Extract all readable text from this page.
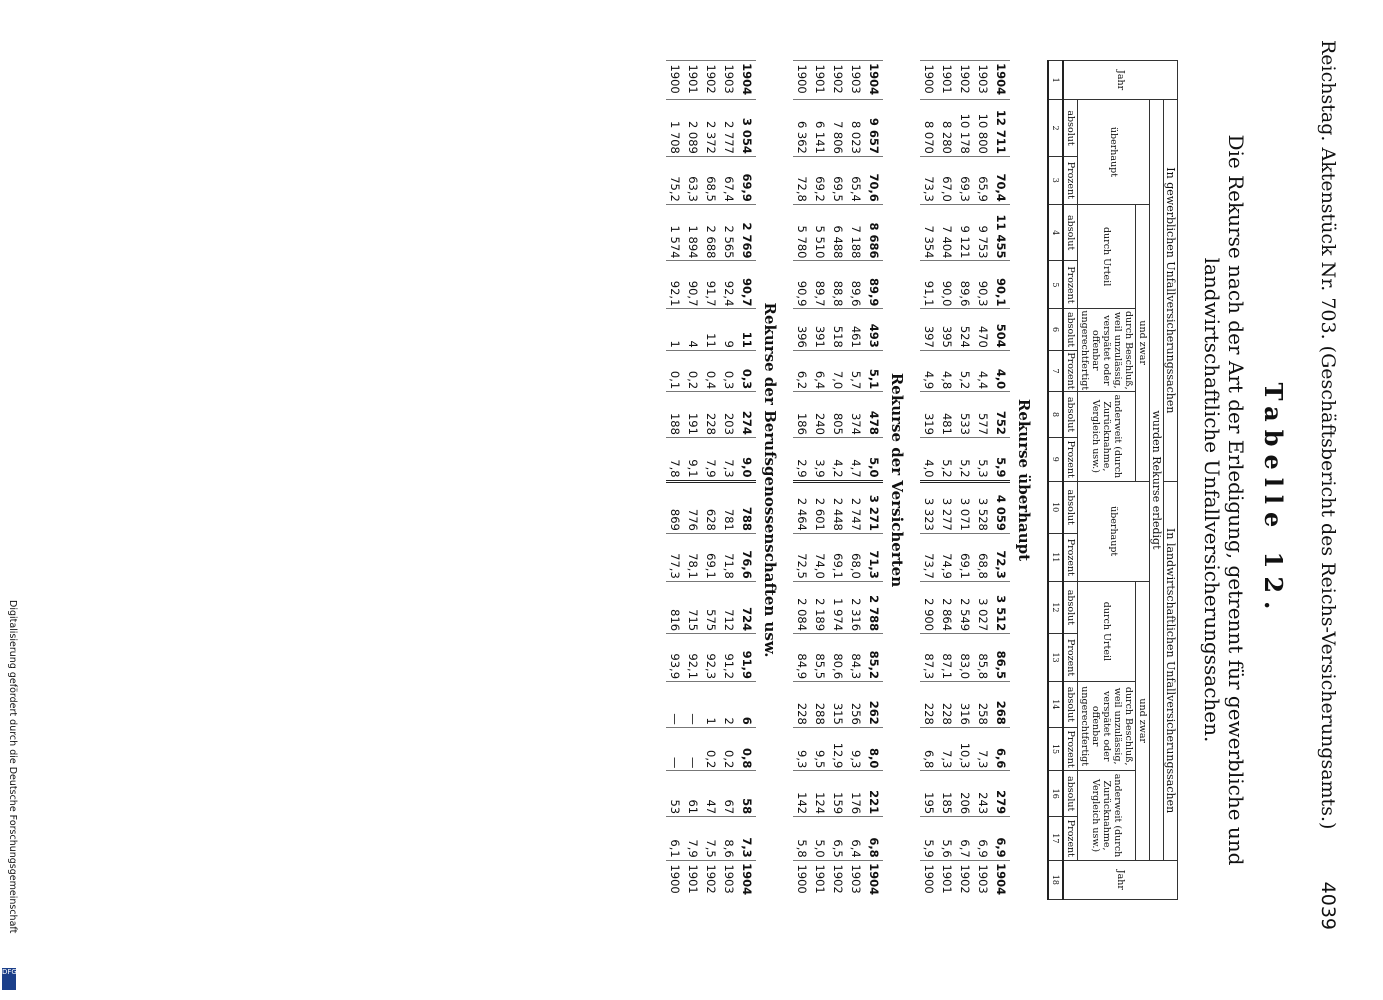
Reichstag. Aktenstück Nr. 703. (Geschäftsbericht des Reichs-Versicherungsamts.)
4039
Tabelle 12.
Die Rekurse nach der Art der Erledigung, getrennt für gewerbliche und landwirtschaftliche Unfallversicherungssachen.
Jahr	In gewerblichen Unfallversicherungssachen								In landwirtschaftlichen Unfallversicherungssachen								Jahr
	wurden Rekurse erledigt																
	überhaupt		und zwar						überhaupt		und zwar						
			durch Urteil		durch Beschluß, weil unzulässig, verspätet oder offenbar ungerechtfertigt		anderweit (durch Zurücknahme, Vergleich usw.)				durch Urteil		durch Beschluß, weil unzulässig, verspätet oder offenbar ungerechtfertigt		anderweit (durch Zurücknahme, Vergleich usw.)		
	absolut	Prozent	absolut	Prozent	absolut	Prozent	absolut	Prozent	absolut	Prozent	absolut	Prozent	absolut	Prozent	absolut	Prozent	
1	2	3	4	5	6	7	8	9	10	11	12	13	14	15	16	17	18
Rekurse überhaupt																	
1904	12 711	70,4	11 455	90,1	504	4,0	752	5,9	4 059	72,3	3 512	86,5	268	6,6	279	6,9	1904
1903	10 800	65,9	9 753	90,3	470	4,4	577	5,3	3 528	68,8	3 027	85,8	258	7,3	243	6,9	1903
1902	10 178	69,3	9 121	89,6	524	5,2	533	5,2	3 071	69,1	2 549	83,0	316	10,3	206	6,7	1902
1901	8 280	67,0	7 404	90,0	395	4,8	481	5,2	3 277	74,9	2 864	87,1	228	7,3	185	5,6	1901
1900	8 070	73,3	7 354	91,1	397	4,9	319	4,0	3 323	73,7	2 900	87,3	228	6,8	195	5,9	1900
Rekurse der Versicherten																	
1904	9 657	70,6	8 686	89,9	493	5,1	478	5,0	3 271	71,3	2 788	85,2	262	8,0	221	6,8	1904
1903	8 023	65,4	7 188	89,6	461	5,7	374	4,7	2 747	68,0	2 316	84,3	256	9,3	176	6,4	1903
1902	7 806	69,5	6 488	88,8	518	7,0	805	4,2	2 448	69,1	1 974	80,6	315	12,9	159	6,5	1902
1901	6 141	69,2	5 510	89,7	391	6,4	240	3,9	2 601	74,0	2 189	85,5	288	9,5	124	5,0	1901
1900	6 362	72,8	5 780	90,9	396	6,2	186	2,9	2 464	72,5	2 084	84,9	228	9,3	142	5,8	1900
Rekurse der Berufsgenossenschaften usw.																	
1904	3 054	69,9	2 769	90,7	11	0,3	274	9,0	788	76,6	724	91,9	6	0,8	58	7,3	1904
1903	2 777	67,4	2 565	92,4	9	0,3	203	7,3	781	71,8	712	91,2	2	0,2	67	8,6	1903
1902	2 372	68,5	2 688	91,7	11	0,4	228	7,9	628	69,1	575	92,3	1	0,2	47	7,5	1902
1901	2 089	63,3	1 894	90,7	4	0,2	191	9,1	776	78,1	715	92,1	—	—	61	7,9	1901
1900	1 708	75,2	1 574	92,1	1	0,1	188	7,8	869	77,3	816	93,9	—	—	53	6,1	1900
Digitalisierung gefördert durch die Deutsche Forschungsgemeinschaft
DFG
